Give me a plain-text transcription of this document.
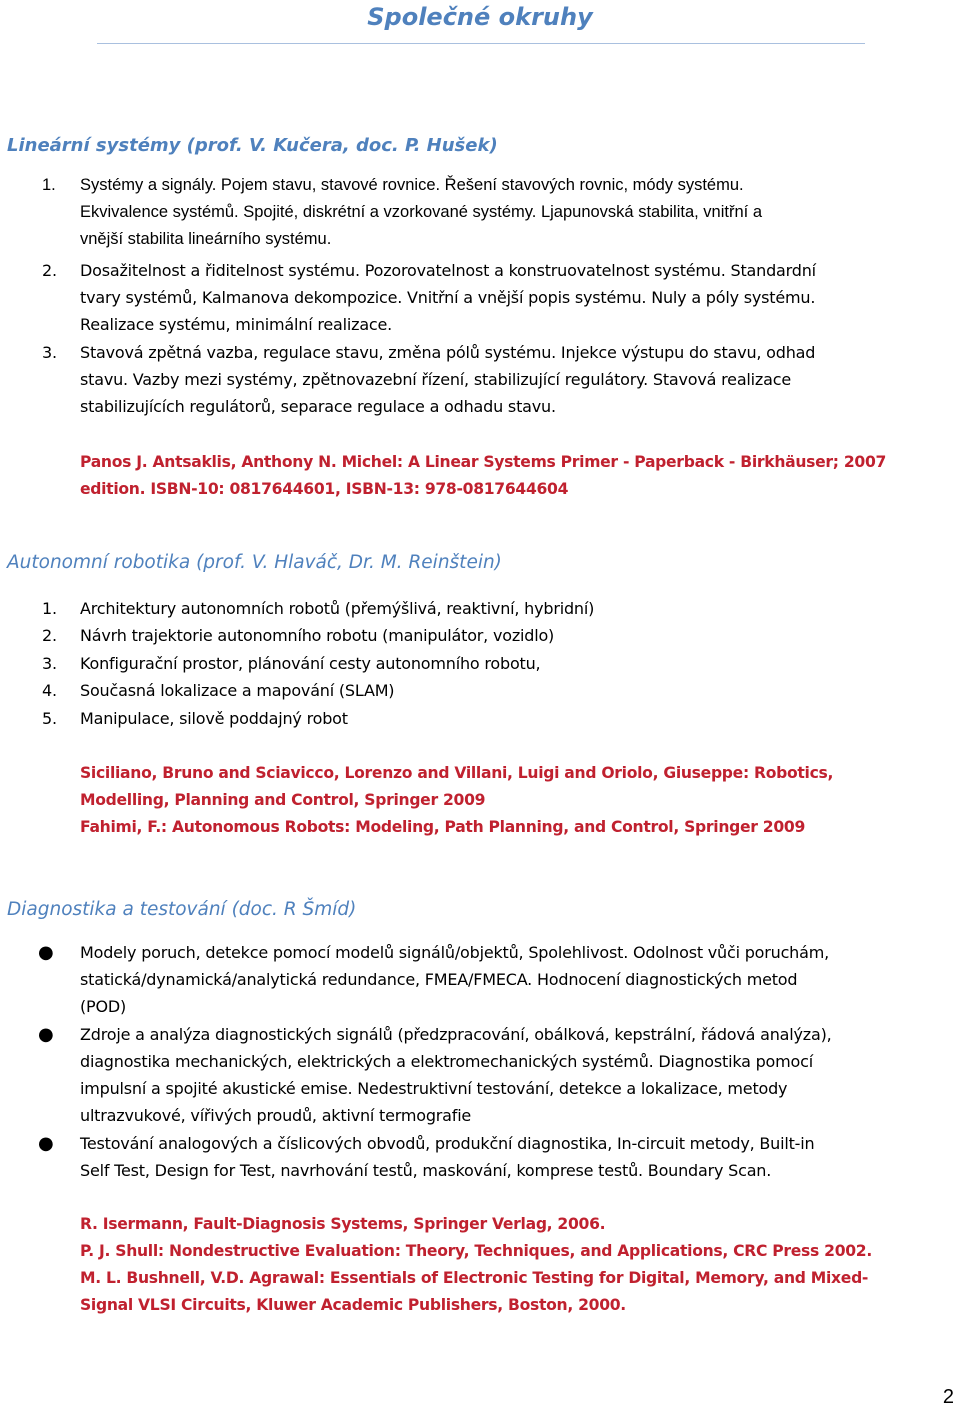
Společné okruhy
Lineární systémy (prof. V. Kučera, doc. P. Hušek)
1. Systémy a signály. Pojem stavu, stavové rovnice. Řešení stavových rovnic, módy systému.
Ekvivalence systémů. Spojité, diskrétní a vzorkované systémy. Ljapunovská stabilita, vnitřní a
vnější stabilita lineárního systému.
2. Dosažitelnost a řiditelnost systému. Pozorovatelnost a konstruovatelnost systému. Standardní
tvary systémů, Kalmanova dekompozice. Vnitřní a vnější popis systému. Nuly a póly systému.
Realizace systému, minimální realizace.
3. Stavová zpětná vazba, regulace stavu, změna pólů systému. Injekce výstupu do stavu, odhad
stavu. Vazby mezi systémy, zpětnovazební řízení, stabilizující regulátory. Stavová realizace
stabilizujících regulátorů, separace regulace a odhadu stavu.
Panos J. Antsaklis, Anthony N. Michel: A Linear Systems Primer - Paperback - Birkhäuser; 2007
edition. ISBN-10: 0817644601, ISBN-13: 978-0817644604
Autonomní robotika (prof. V. Hlaváč, Dr. M. Reinštein)
1. Architektury autonomních robotů (přemýšlivá, reaktivní, hybridní)
2. Návrh trajektorie autonomního robotu (manipulátor, vozidlo)
3. Konfigurační prostor, plánování cesty autonomního robotu,
4. Současná lokalizace a mapování (SLAM)
5. Manipulace, silově poddajný robot
Siciliano, Bruno and Sciavicco, Lorenzo and Villani, Luigi and Oriolo, Giuseppe: Robotics,
Modelling, Planning and Control, Springer 2009
Fahimi, F.: Autonomous Robots: Modeling, Path Planning, and Control, Springer 2009
Diagnostika a testování (doc. R Šmíd)
● Modely poruch, detekce pomocí modelů signálů/objektů, Spolehlivost. Odolnost vůči poruchám,
statická/dynamická/analytická redundance, FMEA/FMECA. Hodnocení diagnostických metod
(POD)
● Zdroje a analýza diagnostických signálů (předzpracování, obálková, kepstrální, řádová analýza),
diagnostika mechanických, elektrických a elektromechanických systémů. Diagnostika pomocí
impulsní a spojité akustické emise. Nedestruktivní testování, detekce a lokalizace, metody
ultrazvukové, vířivých proudů, aktivní termografie
● Testování analogových a číslicových obvodů, produkční diagnostika, In-circuit metody, Built-in
Self Test, Design for Test, navrhování testů, maskování, komprese testů. Boundary Scan.
R. Isermann, Fault-Diagnosis Systems, Springer Verlag, 2006.
P. J. Shull: Nondestructive Evaluation: Theory, Techniques, and Applications, CRC Press 2002.
M. L. Bushnell, V.D. Agrawal: Essentials of Electronic Testing for Digital, Memory, and Mixed-
Signal VLSI Circuits, Kluwer Academic Publishers, Boston, 2000.
2
